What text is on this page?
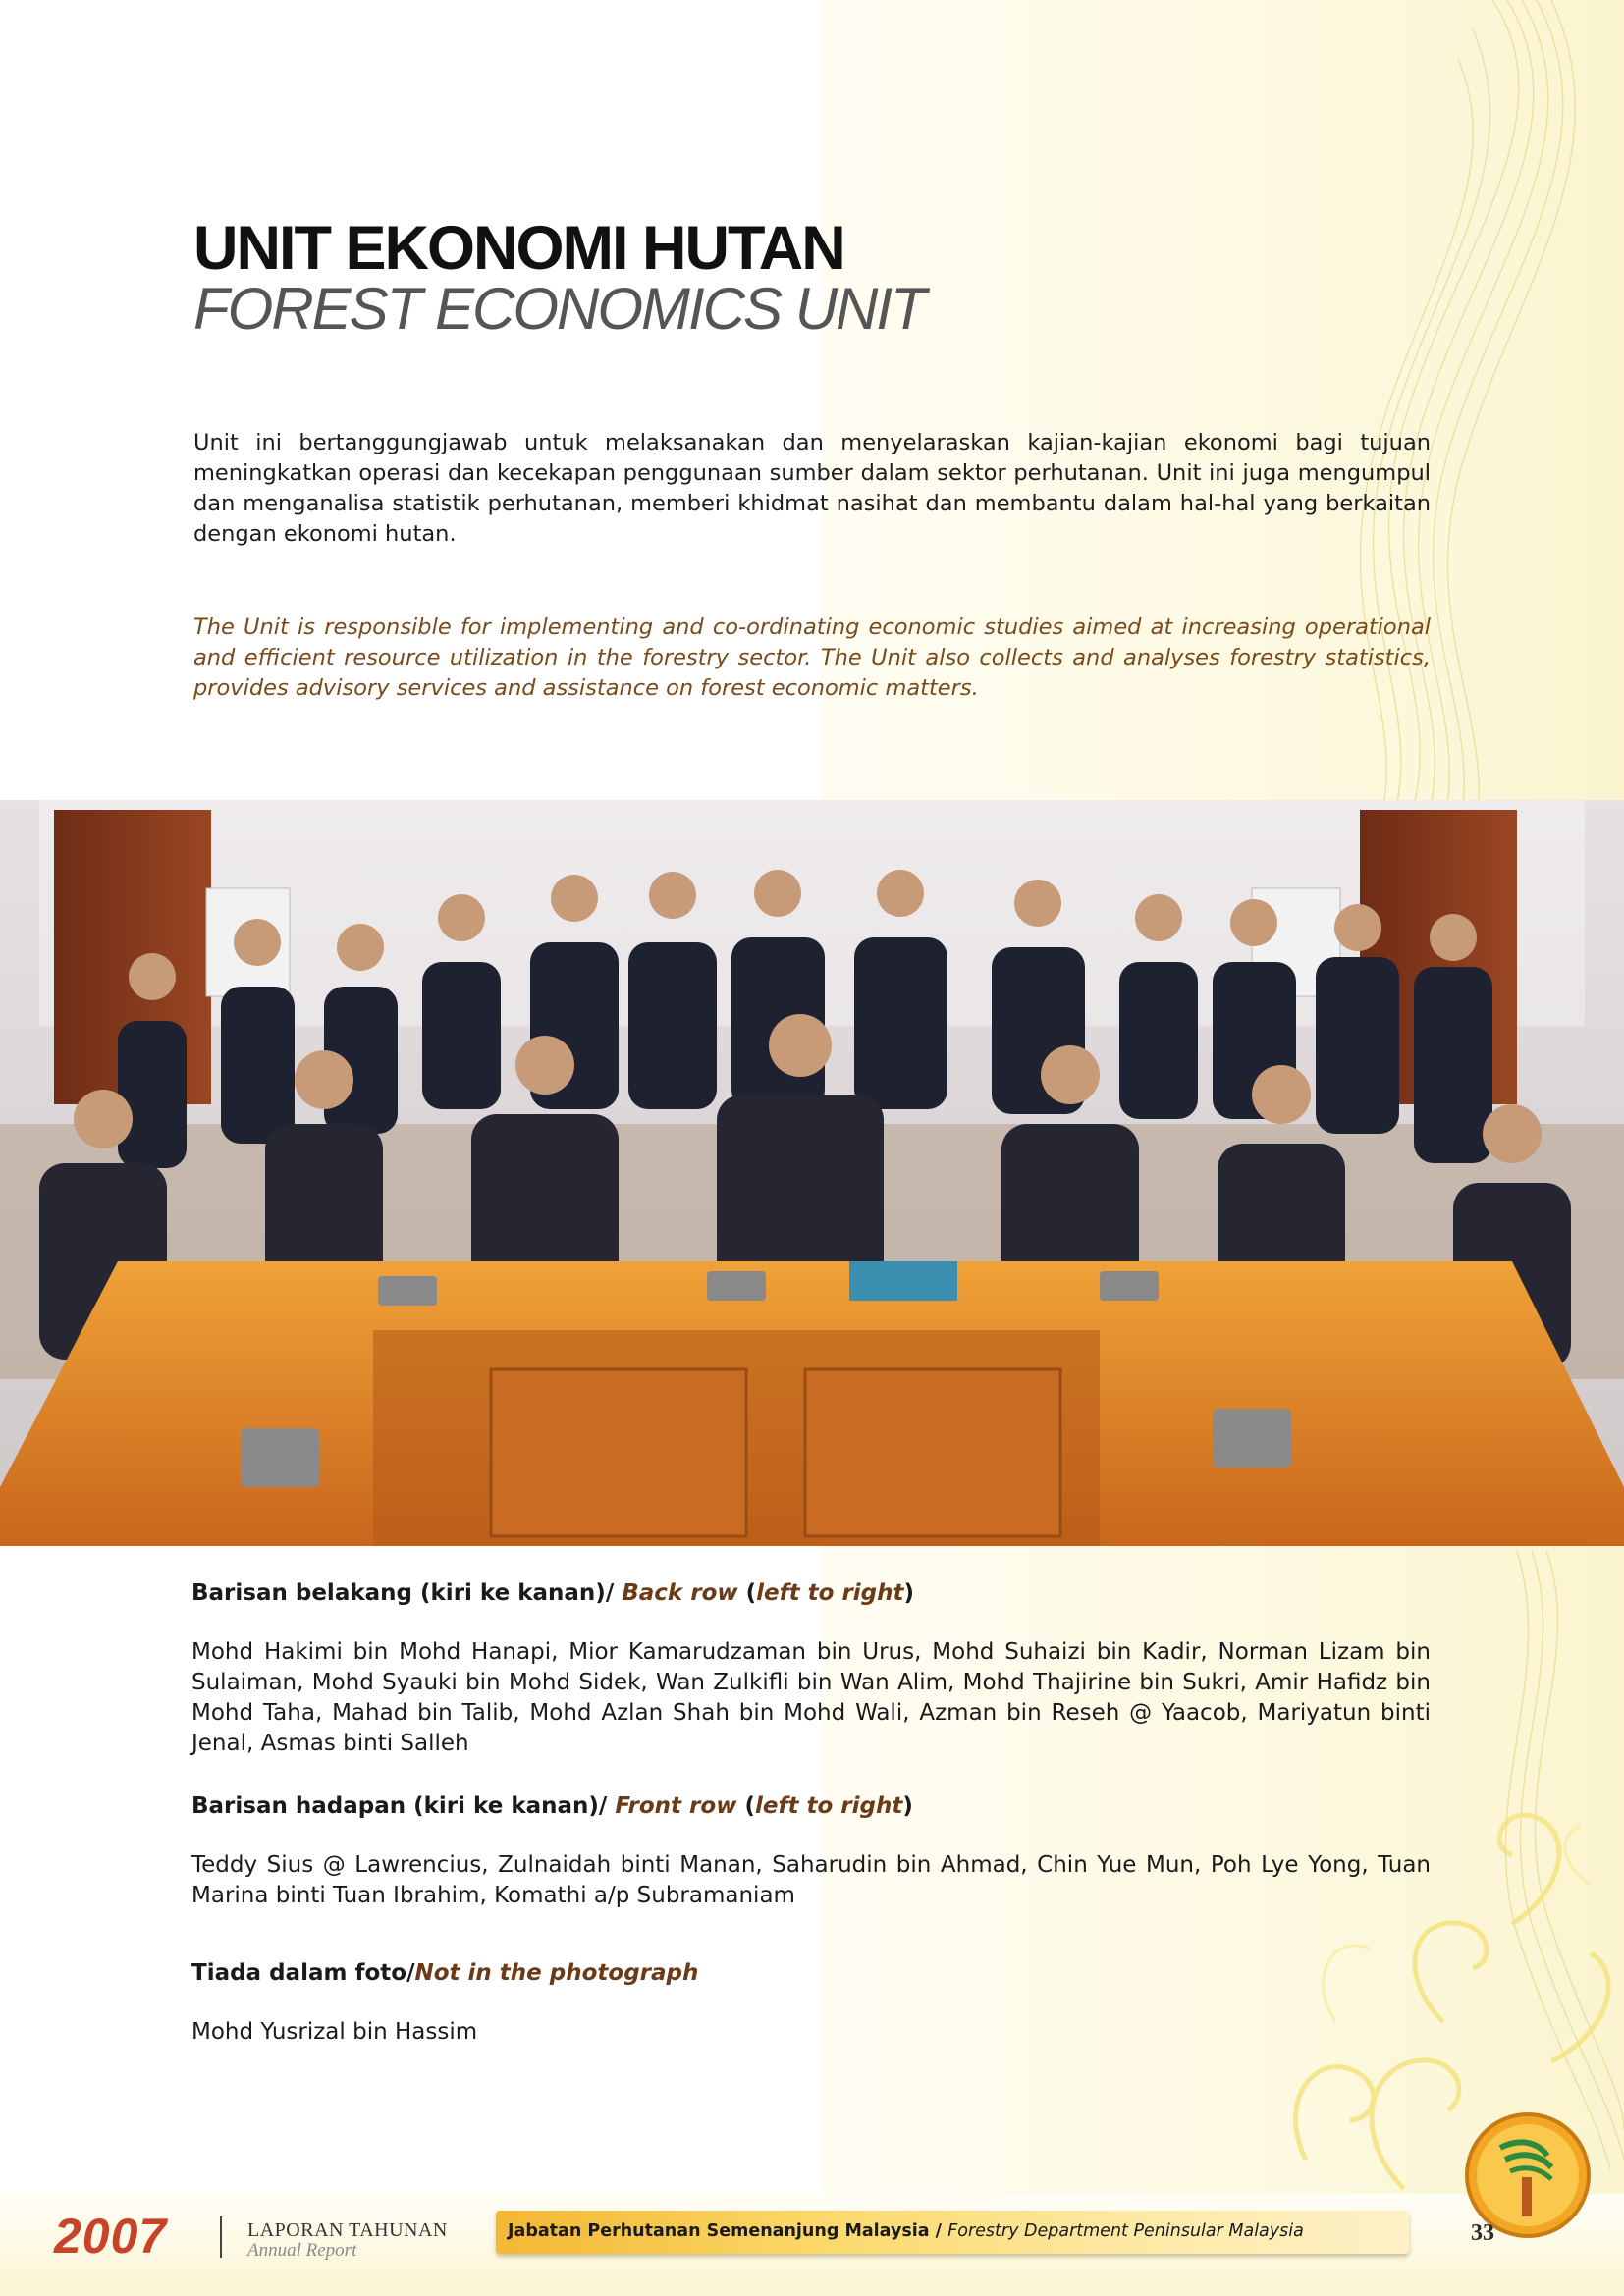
UNIT EKONOMI HUTAN
FOREST ECONOMICS UNIT

Unit ini bertanggungjawab untuk melaksanakan dan menyelaraskan kajian-kajian ekonomi bagi tujuan meningkatkan operasi dan kecekapan penggunaan sumber dalam sektor perhutanan. Unit ini juga mengumpul dan menganalisa statistik perhutanan, memberi khidmat nasihat dan membantu dalam hal-hal yang berkaitan dengan ekonomi hutan.

The Unit is responsible for implementing and co-ordinating economic studies aimed at increasing operational and efficient resource utilization in the forestry sector. The Unit also collects and analyses forestry statistics, provides advisory services and assistance on forest economic matters.

Barisan belakang (kiri ke kanan)/ Back row (left to right)

Mohd Hakimi bin Mohd Hanapi, Mior Kamarudzaman bin Urus, Mohd Suhaizi bin Kadir, Norman Lizam bin Sulaiman, Mohd Syauki bin Mohd Sidek, Wan Zulkifli bin Wan Alim, Mohd Thajirine bin Sukri, Amir Hafidz bin Mohd Taha, Mahad bin Talib, Mohd Azlan Shah bin Mohd Wali, Azman bin Reseh @ Yaacob, Mariyatun binti Jenal, Asmas binti Salleh

Barisan hadapan (kiri ke kanan)/ Front row (left to right)

Teddy Sius @ Lawrencius, Zulnaidah binti Manan, Saharudin bin Ahmad, Chin Yue Mun, Poh Lye Yong, Tuan Marina binti Tuan Ibrahim, Komathi a/p Subramaniam

Tiada dalam foto/Not in the photograph

Mohd Yusrizal bin Hassim

2007	LAPORAN TAHUNAN

Annual Report

Jabatan Perhutanan Semenanjung Malaysia / Forestry Department Peninsular Malaysia	33
